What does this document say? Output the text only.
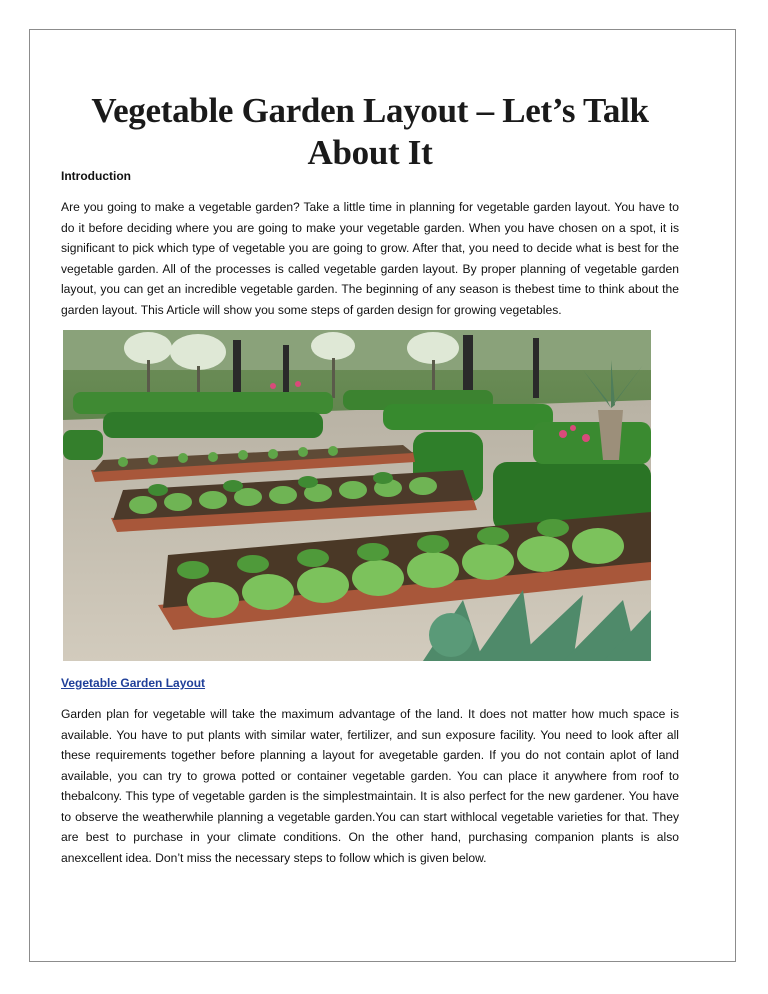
Vegetable Garden Layout – Let’s Talk About It
Introduction

Are you going to make a vegetable garden? Take a little time in planning for vegetable garden layout. You have to do it before deciding where you are going to make your vegetable garden. When you have chosen on a spot, it is significant to pick which type of vegetable you are going to grow. After that, you need to decide what is best for the vegetable garden. All of the processes is called vegetable garden layout. By proper planning of vegetable garden layout, you can get an incredible vegetable garden. The beginning of any season is thebest time to think about the garden layout. This Article will show you some steps of garden design for growing vegetables.

Vegetable Garden Layout

Garden plan for vegetable will take the maximum advantage of the land. It does not matter how much space is available. You have to put plants with similar water, fertilizer, and sun exposure facility. You need to look after all these requirements together before planning a layout for avegetable garden. If you do not contain aplot of land available, you can try to growa potted or container vegetable garden. You can place it anywhere from roof to thebalcony. This type of vegetable garden is the simplestmaintain. It is also perfect for the new gardener. You have to observe the weatherwhile planning a vegetable garden.You can start withlocal vegetable varieties for that. They are best to purchase in your climate conditions. On the other hand, purchasing companion plants is also anexcellent idea. Don’t miss the necessary steps to follow which is given below.
